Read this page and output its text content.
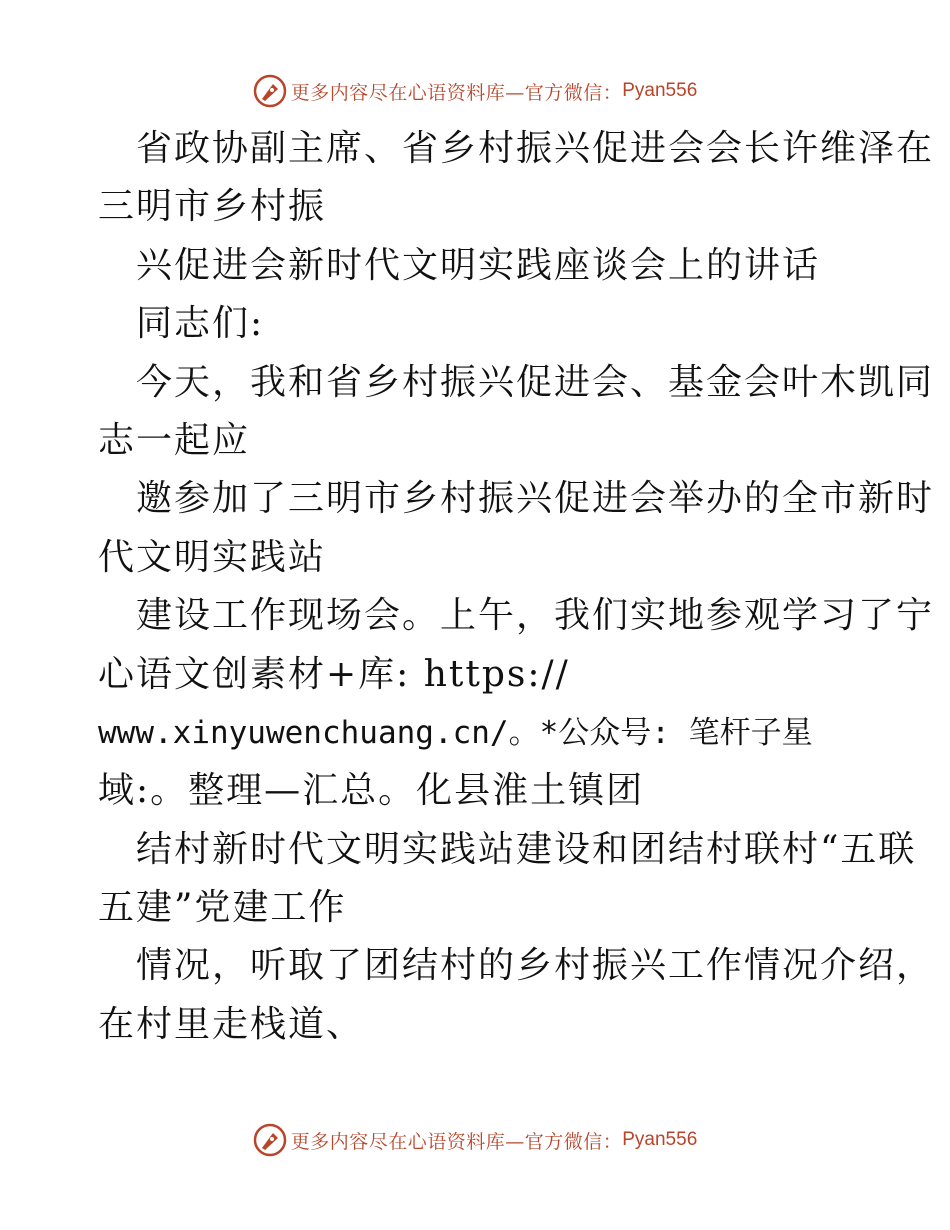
更多内容尽在心语资料库—官方微信： Pyan556
省政协副主席、省乡村振兴促进会会长许维泽在
三明市乡村振
兴促进会新时代文明实践座谈会上的讲话
同志们:
今天，我和省乡村振兴促进会、基金会叶木凯同
志一起应
邀参加了三明市乡村振兴促进会举办的全市新时
代文明实践站
建设工作现场会。上午，我们实地参观学习了宁
心语文创素材+库: https://
www.xinyuwenchuang.cn/。*公众号: 笔杆子星
域:。整理—汇总。化县淮土镇团
结村新时代文明实践站建设和团结村联村“五联
五建”党建工作
情况，听取了团结村的乡村振兴工作情况介绍，
在村里走栈道、
更多内容尽在心语资料库—官方微信： Pyan556
